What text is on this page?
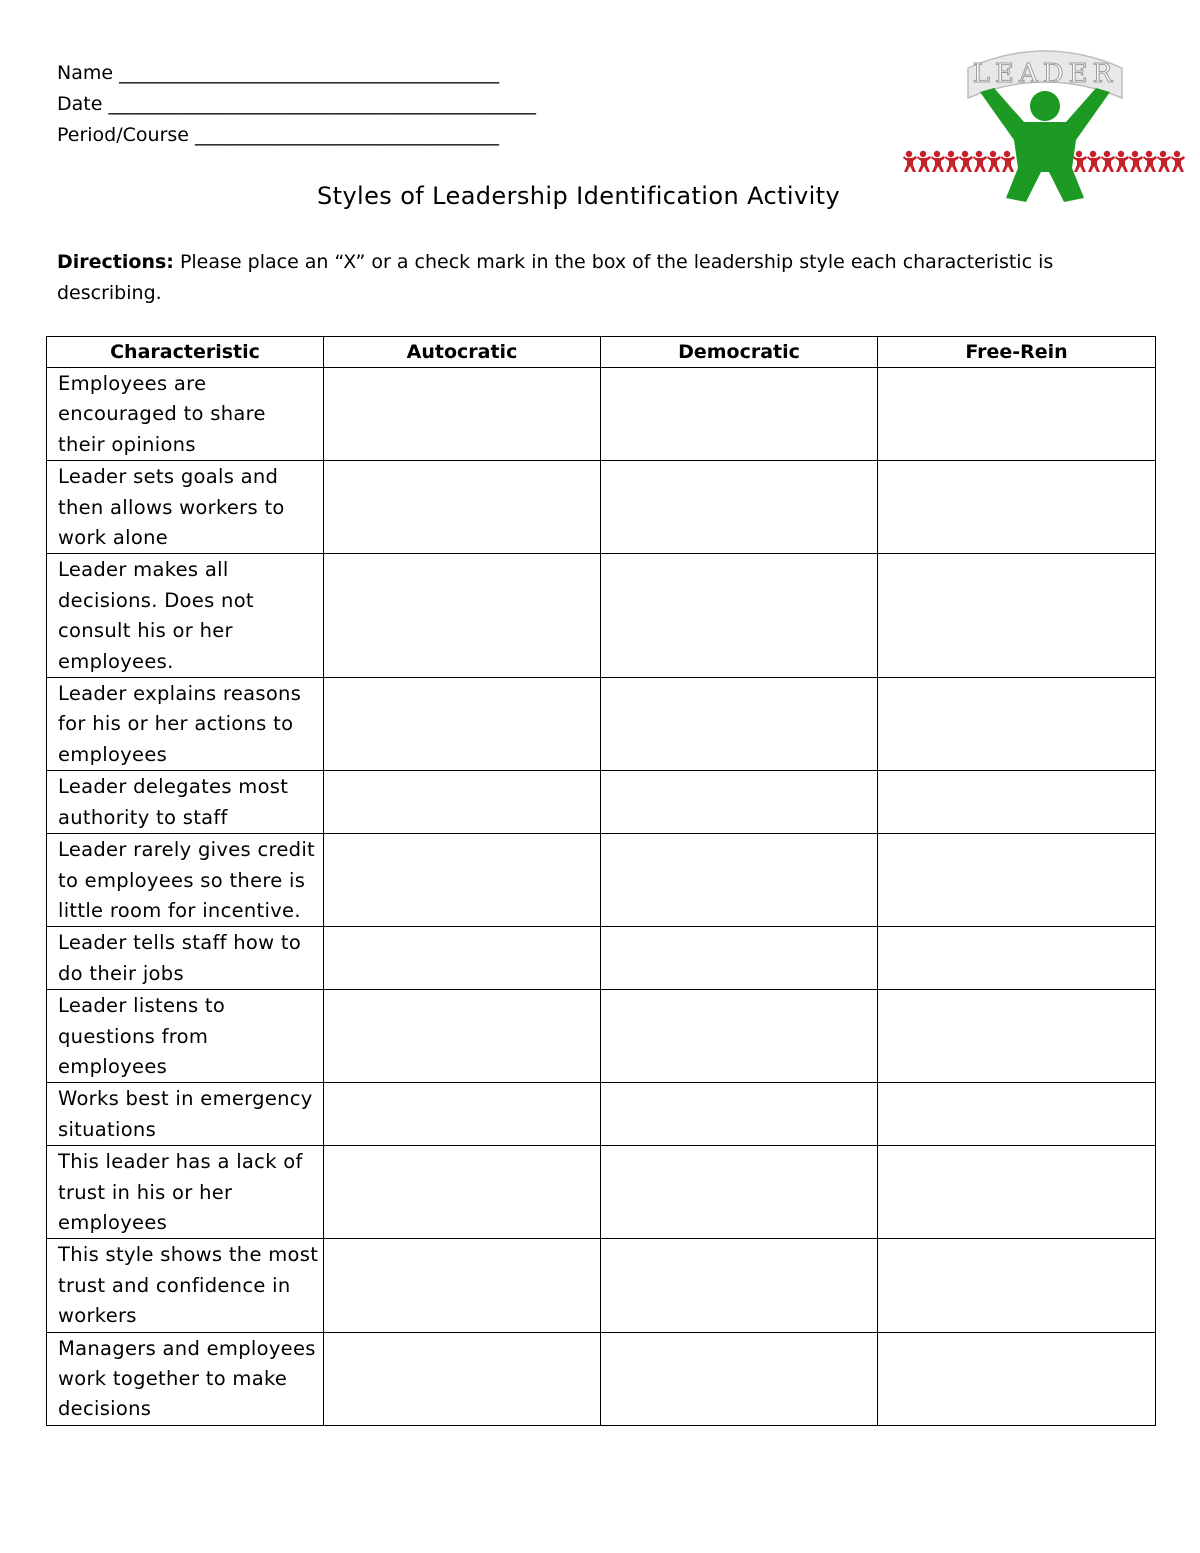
Name ________________________________________
Date _____________________________________________
Period/Course ________________________________
Styles of Leadership Identification Activity
LEADER
Directions: Please place an “X” or a check mark in the box of the leadership style each characteristic is describing.
Characteristic	Autocratic	Democratic	Free-Rein
Employees are encouraged to share their opinions			
Leader sets goals and then allows workers to work alone			
Leader makes all decisions. Does not consult his or her employees.			
Leader explains reasons for his or her actions to employees			
Leader delegates most authority to staff			
Leader rarely gives credit to employees so there is little room for incentive.			
Leader tells staff how to do their jobs			
Leader listens to questions from employees			
Works best in emergency situations			
This leader has a lack of trust in his or her employees			
This style shows the most trust and confidence in workers			
Managers and employees work together to make decisions			
